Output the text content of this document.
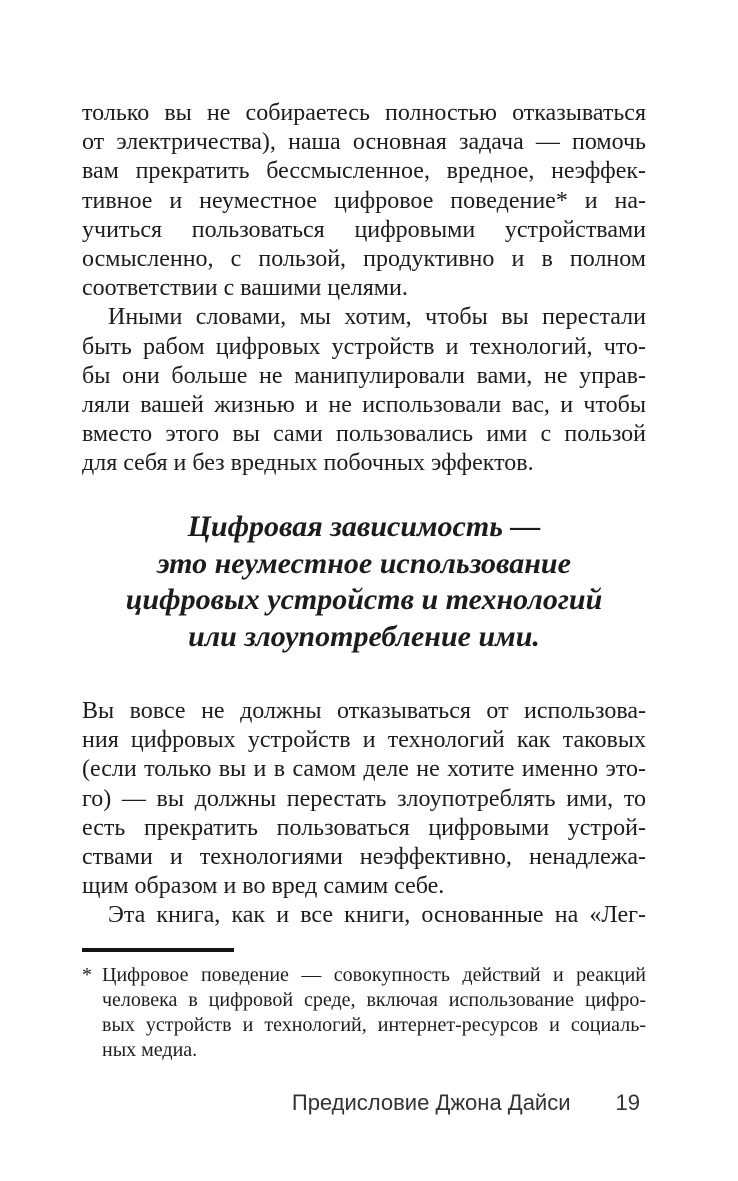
только вы не собираетесь полностью отказываться
от электричества), наша основная задача — помочь
вам прекратить бессмысленное, вредное, неэффек-
тивное и неуместное цифровое поведение* и на-
учиться пользоваться цифровыми устройствами
осмысленно, с пользой, продуктивно и в полном
соответствии с вашими целями.
Иными словами, мы хотим, чтобы вы перестали
быть рабом цифровых устройств и технологий, что-
бы они больше не манипулировали вами, не управ-
ляли вашей жизнью и не использовали вас, и чтобы
вместо этого вы сами пользовались ими с пользой
для себя и без вредных побочных эффектов.
Цифровая зависимость —
это неуместное использование
цифровых устройств и технологий
или злоупотребление ими.
Вы вовсе не должны отказываться от использова-
ния цифровых устройств и технологий как таковых
(если только вы и в самом деле не хотите именно это-
го) — вы должны перестать злоупотреблять ими, то
есть прекратить пользоваться цифровыми устрой-
ствами и технологиями неэффективно, ненадлежа-
щим образом и во вред самим себе.
Эта книга, как и все книги, основанные на «Лег-
* Цифровое поведение — совокупность действий и реакций
человека в цифровой среде, включая использование цифро-
вых устройств и технологий, интернет-ресурсов и социаль-
ных медиа.
Предисловие Джона Дайси 19
